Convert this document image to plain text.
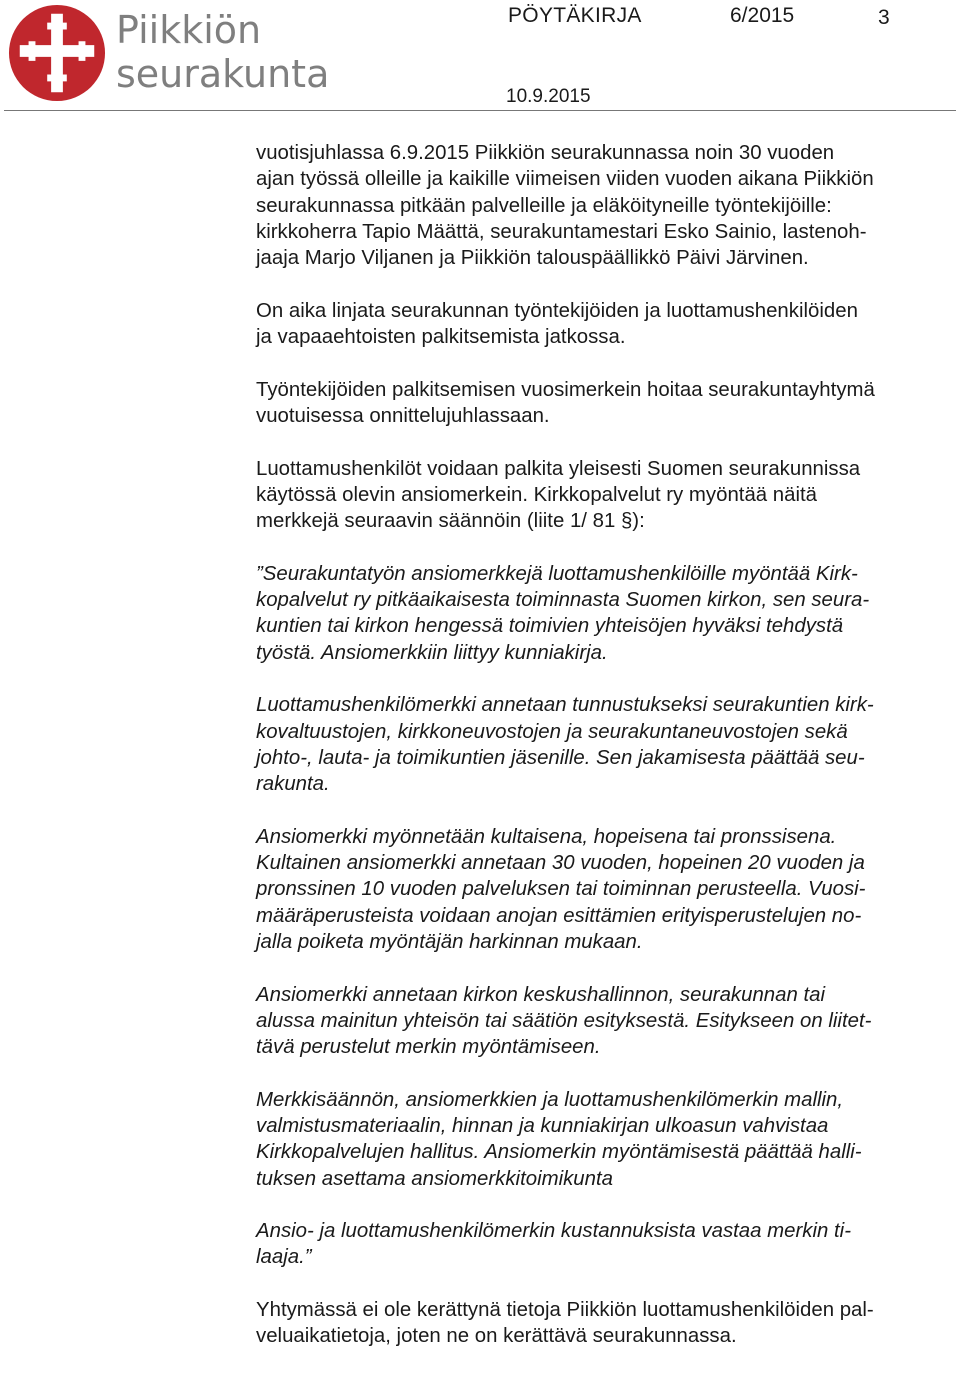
Piikkiön
seurakunta
PÖYTÄKIRJA	6/2015	3
10.9.2015

vuotisjuhlassa 6.9.2015 Piikkiön seurakunnassa noin 30 vuoden
ajan työssä olleille ja kaikille viimeisen viiden vuoden aikana Piikkiön
seurakunnassa pitkään palvelleille ja eläköityneille työntekijöille:
kirkkoherra Tapio Määttä, seurakuntamestari Esko Sainio, lastenoh-
jaaja Marjo Viljanen ja Piikkiön talouspäällikkö Päivi Järvinen.

On aika linjata seurakunnan työntekijöiden ja luottamushenkilöiden
ja vapaaehtoisten palkitsemista jatkossa.

Työntekijöiden palkitsemisen vuosimerkein hoitaa seurakuntayhtymä
vuotuisessa onnittelujuhlassaan.

Luottamushenkilöt voidaan palkita yleisesti Suomen seurakunnissa
käytössä olevin ansiomerkein. Kirkkopalvelut ry myöntää näitä
merkkejä seuraavin säännöin (liite 1/ 81 §):

”Seurakuntatyön ansiomerkkejä luottamushenkilöille myöntää Kirk-
kopalvelut ry pitkäaikaisesta toiminnasta Suomen kirkon, sen seura-
kuntien tai kirkon hengessä toimivien yhteisöjen hyväksi tehdystä
työstä. Ansiomerkkiin liittyy kunniakirja.

Luottamushenkilömerkki annetaan tunnustukseksi seurakuntien kirk-
kovaltuustojen, kirkkoneuvostojen ja seurakuntaneuvostojen sekä
johto-, lauta- ja toimikuntien jäsenille. Sen jakamisesta päättää seu-
rakunta.

Ansiomerkki myönnetään kultaisena, hopeisena tai pronssisena.
Kultainen ansiomerkki annetaan 30 vuoden, hopeinen 20 vuoden ja
pronssinen 10 vuoden palveluksen tai toiminnan perusteella. Vuosi-
määräperusteista voidaan anojan esittämien erityisperustelujen no-
jalla poiketa myöntäjän harkinnan mukaan.

Ansiomerkki annetaan kirkon keskushallinnon, seurakunnan tai
alussa mainitun yhteisön tai säätiön esityksestä. Esitykseen on liitet-
tävä perustelut merkin myöntämiseen.

Merkkisäännön, ansiomerkkien ja luottamushenkilömerkin mallin,
valmistusmateriaalin, hinnan ja kunniakirjan ulkoasun vahvistaa
Kirkkopalvelujen hallitus. Ansiomerkin myöntämisestä päättää halli-
tuksen asettama ansiomerkkitoimikunta

Ansio- ja luottamushenkilömerkin kustannuksista vastaa merkin ti-
laaja.”

Yhtymässä ei ole kerättynä tietoja Piikkiön luottamushenkilöiden pal-
veluaikatietoja, joten ne on kerättävä seurakunnassa.
